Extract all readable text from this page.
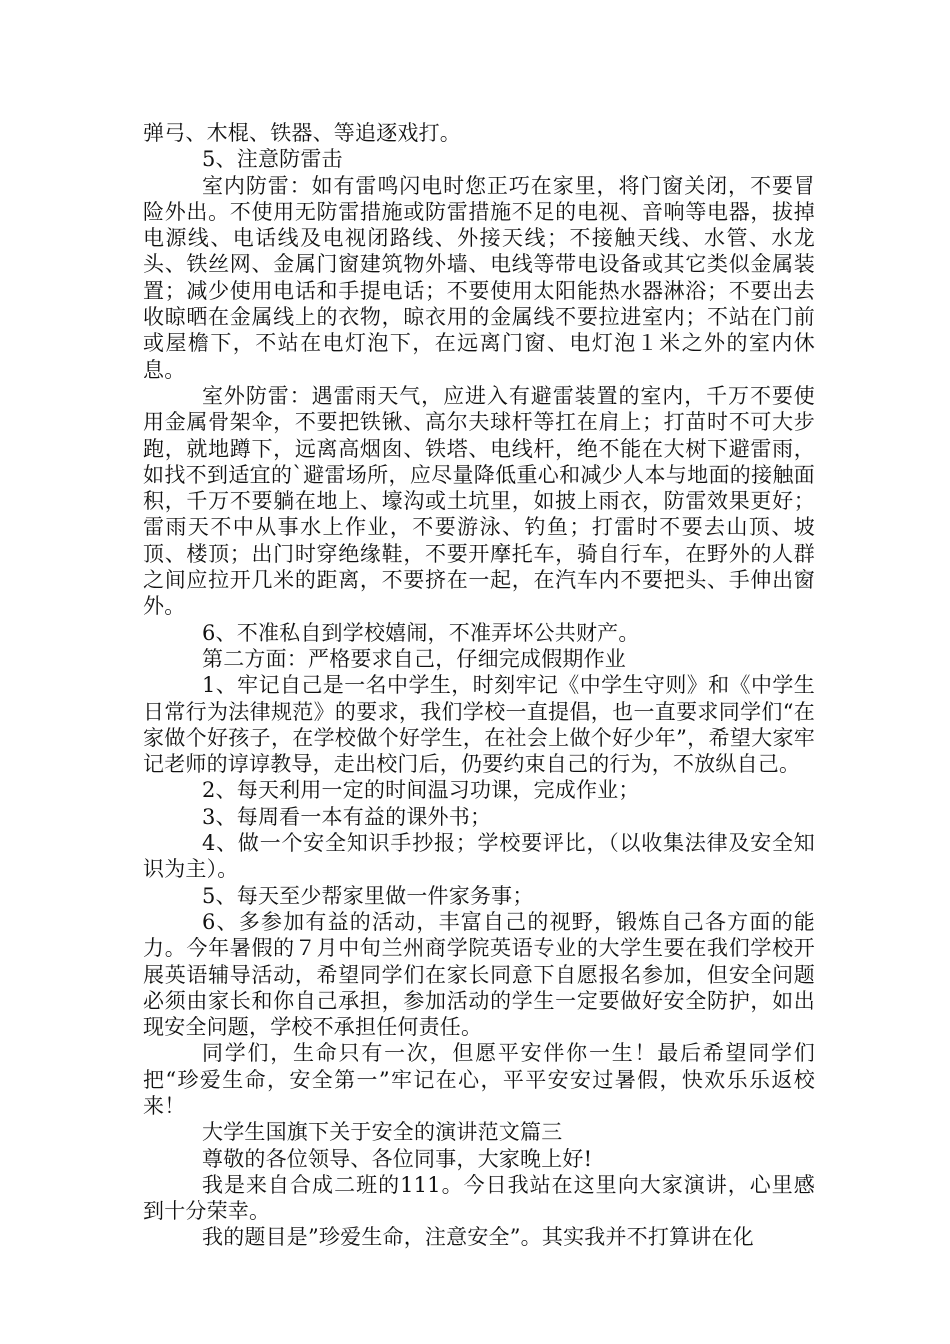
弹弓、木棍、铁器、等追逐戏打。

5、注意防雷击

室内防雷：如有雷鸣闪电时您正巧在家里，将门窗关闭，不要冒险外出。不使用无防雷措施或防雷措施不足的电视、音响等电器，拔掉电源线、电话线及电视闭路线、外接天线；不接触天线、水管、水龙头、铁丝网、金属门窗建筑物外墙、电线等带电设备或其它类似金属装置；减少使用电话和手提电话；不要使用太阳能热水器淋浴；不要出去收晾晒在金属线上的衣物，晾衣用的金属线不要拉进室内；不站在门前或屋檐下，不站在电灯泡下，在远离门窗、电灯泡１米之外的室内休息。

室外防雷：遇雷雨天气，应进入有避雷装置的室内，千万不要使用金属骨架伞，不要把铁锹、高尔夫球杆等扛在肩上；打苗时不可大步跑，就地蹲下，远离高烟囱、铁塔、电线杆，绝不能在大树下避雷雨，如找不到适宜的`避雷场所，应尽量降低重心和减少人本与地面的接触面积，千万不要躺在地上、壕沟或土坑里，如披上雨衣，防雷效果更好；雷雨天不中从事水上作业，不要游泳、钓鱼；打雷时不要去山顶、坡顶、楼顶；出门时穿绝缘鞋，不要开摩托车，骑自行车，在野外的人群之间应拉开几米的距离，不要挤在一起，在汽车内不要把头、手伸出窗外。

6、不准私自到学校嬉闹，不准弄坏公共财产。

第二方面：严格要求自己，仔细完成假期作业

1、牢记自己是一名中学生，时刻牢记《中学生守则》和《中学生日常行为法律规范》的要求，我们学校一直提倡，也一直要求同学们“在家做个好孩子，在学校做个好学生，在社会上做个好少年”，希望大家牢记老师的谆谆教导，走出校门后，仍要约束自己的行为，不放纵自己。

2、每天利用一定的时间温习功课，完成作业；

3、每周看一本有益的课外书；

4、做一个安全知识手抄报；学校要评比，（以收集法律及安全知识为主）。

5、每天至少帮家里做一件家务事；

6、多参加有益的活动，丰富自己的视野，锻炼自己各方面的能力。今年暑假的７月中旬兰州商学院英语专业的大学生要在我们学校开展英语辅导活动，希望同学们在家长同意下自愿报名参加，但安全问题必须由家长和你自己承担，参加活动的学生一定要做好安全防护，如出现安全问题，学校不承担任何责任。

同学们，生命只有一次，但愿平安伴你一生！最后希望同学们把“珍爱生命，安全第一”牢记在心，平平安安过暑假，快欢乐乐返校来！

大学生国旗下关于安全的演讲范文篇三

尊敬的各位领导、各位同事，大家晚上好!

我是来自合成二班的111。今日我站在这里向大家演讲，心里感到十分荣幸。

我的题目是”珍爱生命，注意安全”。其实我并不打算讲在化
